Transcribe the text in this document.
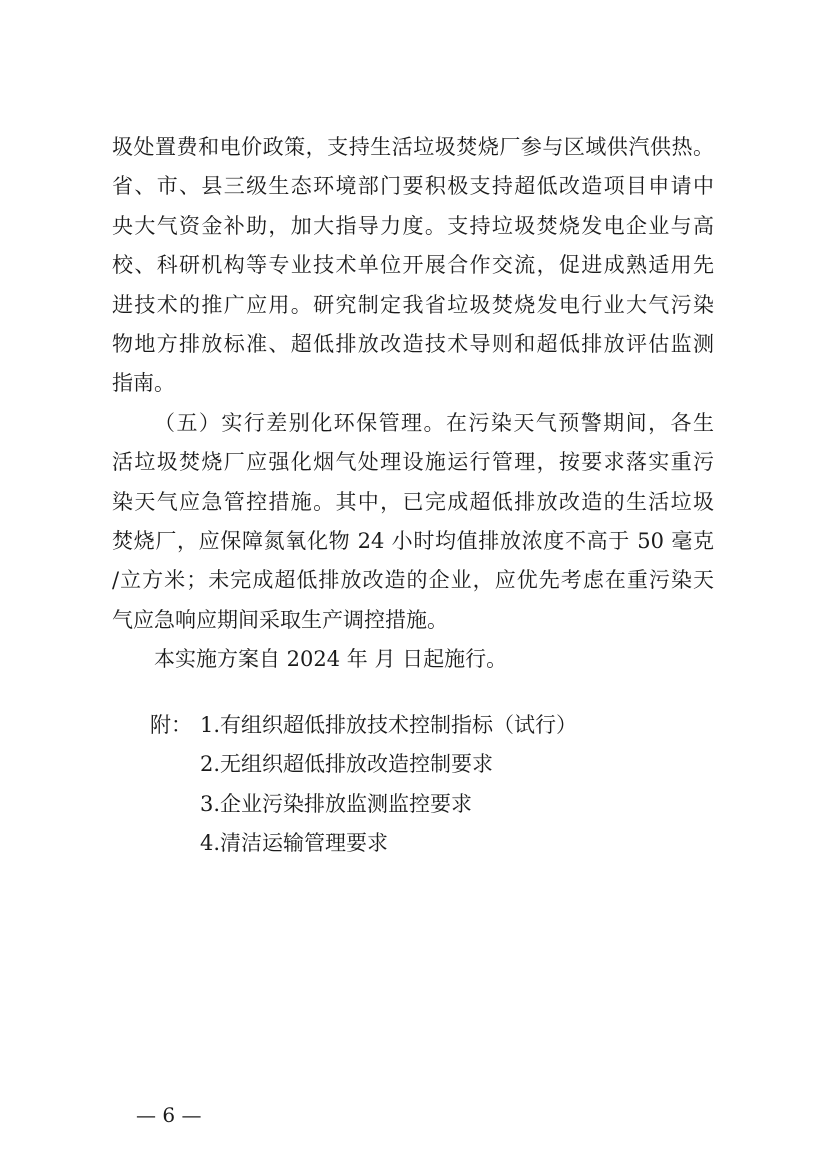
圾处置费和电价政策，支持生活垃圾焚烧厂参与区域供汽供热。
省、市、县三级生态环境部门要积极支持超低改造项目申请中
央大气资金补助，加大指导力度。支持垃圾焚烧发电企业与高
校、科研机构等专业技术单位开展合作交流，促进成熟适用先
进技术的推广应用。研究制定我省垃圾焚烧发电行业大气污染
物地方排放标准、超低排放改造技术导则和超低排放评估监测
指南。
（五）实行差别化环保管理。在污染天气预警期间，各生
活垃圾焚烧厂应强化烟气处理设施运行管理，按要求落实重污
染天气应急管控措施。其中，已完成超低排放改造的生活垃圾
焚烧厂，应保障氮氧化物 24 小时均值排放浓度不高于 50 毫克
/立方米；未完成超低排放改造的企业，应优先考虑在重污染天
气应急响应期间采取生产调控措施。
本实施方案自 2024 年 月 日起施行。
附： 1.有组织超低排放技术控制指标（试行）
2.无组织超低排放改造控制要求
3.企业污染排放监测监控要求
4.清洁运输管理要求
— 6 —
